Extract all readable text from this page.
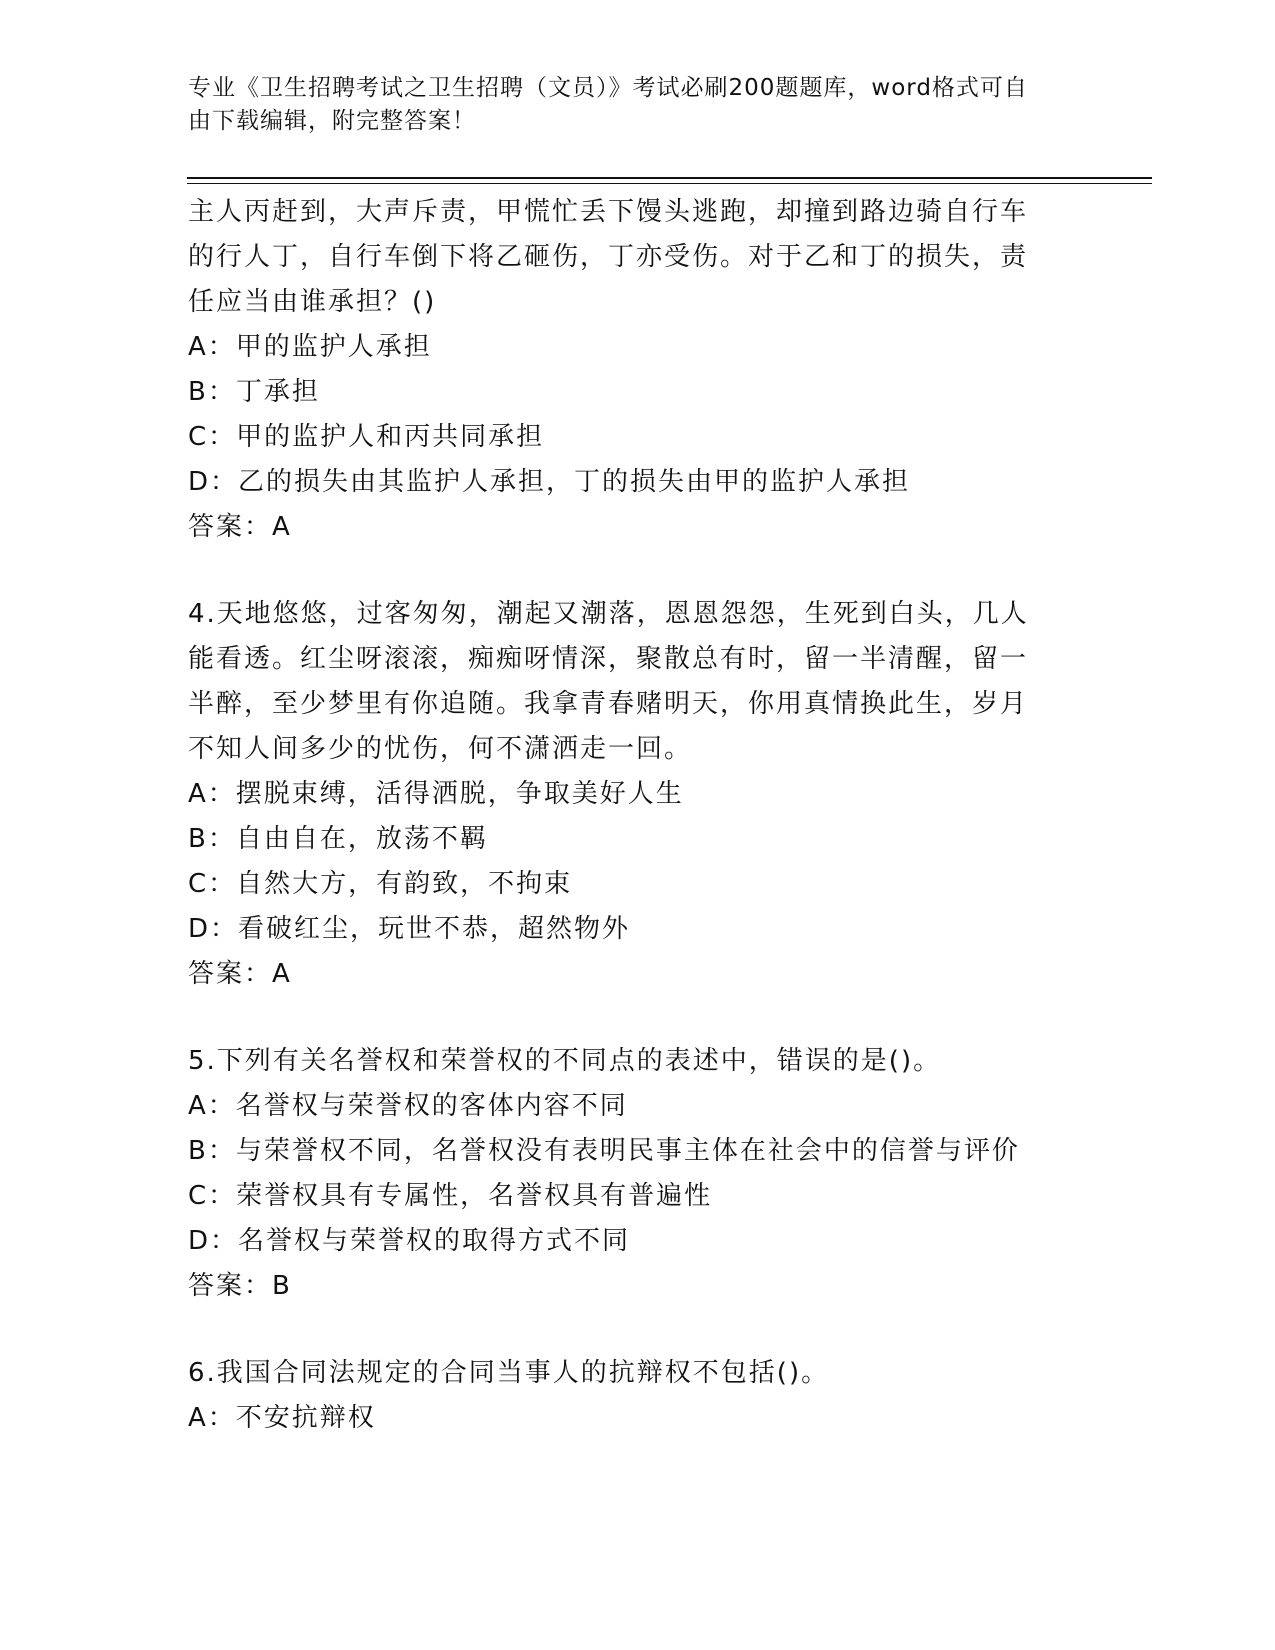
专业《卫生招聘考试之卫生招聘（文员）》考试必刷200题题库，word格式可自
由下载编辑，附完整答案！
主人丙赶到，大声斥责，甲慌忙丢下馒头逃跑，却撞到路边骑自行车
的行人丁，自行车倒下将乙砸伤，丁亦受伤。对于乙和丁的损失，责
任应当由谁承担？()
A：甲的监护人承担
B：丁承担
C：甲的监护人和丙共同承担
D：乙的损失由其监护人承担，丁的损失由甲的监护人承担
答案：A
4.天地悠悠，过客匆匆，潮起又潮落，恩恩怨怨，生死到白头，几人
能看透。红尘呀滚滚，痴痴呀情深，聚散总有时，留一半清醒，留一
半醉，至少梦里有你追随。我拿青春赌明天，你用真情换此生，岁月
不知人间多少的忧伤，何不潇洒走一回。
A：摆脱束缚，活得洒脱，争取美好人生
B：自由自在，放荡不羁
C：自然大方，有韵致，不拘束
D：看破红尘，玩世不恭，超然物外
答案：A
5.下列有关名誉权和荣誉权的不同点的表述中，错误的是()。
A：名誉权与荣誉权的客体内容不同
B：与荣誉权不同，名誉权没有表明民事主体在社会中的信誉与评价
C：荣誉权具有专属性，名誉权具有普遍性
D：名誉权与荣誉权的取得方式不同
答案：B
6.我国合同法规定的合同当事人的抗辩权不包括()。
A：不安抗辩权
